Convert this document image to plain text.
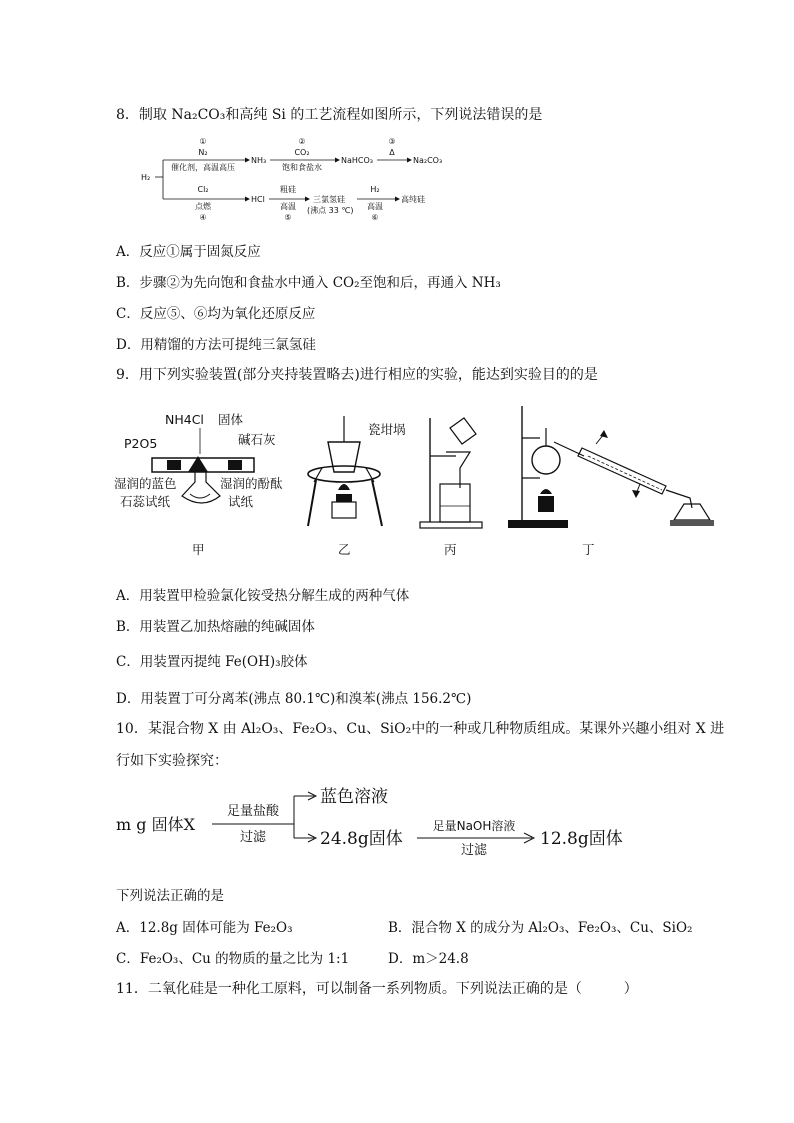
8．制取 Na₂CO₃和高纯 Si 的工艺流程如图所示，下列说法错误的是
H₂
①
N₂
催化剂，高温高压
NH₃
②
CO₂
饱和食盐水
NaHCO₃
③
Δ
Na₂CO₃
Cl₂
点燃
④
HCl
粗硅
高温
⑤
三氯氢硅
(沸点 33 ℃)
H₂
高温
⑥
高纯硅
A．反应①属于固氮反应
B．步骤②为先向饱和食盐水中通入 CO₂至饱和后，再通入 NH₃
C．反应⑤、⑥均为氧化还原反应
D．用精馏的方法可提纯三氯氢硅
9．用下列实验装置(部分夹持装置略去)进行相应的实验，能达到实验目的的是
NH4Cl 固体
P2O5	碱石灰
湿润的蓝色
石蕊试纸
湿润的酚酞
试纸
甲
瓷坩埚
乙	丙	丁
A．用装置甲检验氯化铵受热分解生成的两种气体
B．用装置乙加热熔融的纯碱固体
C．用装置丙提纯 Fe(OH)₃胶体
D．用装置丁可分离苯(沸点 80.1℃)和溴苯(沸点 156.2℃)
10．某混合物 X 由 Al₂O₃、Fe₂O₃、Cu、SiO₂中的一种或几种物质组成。某课外兴趣小组对 X 进
行如下实验探究：
m g 固体X
足量盐酸
过滤
蓝色溶液
24.8g固体
足量NaOH溶液
过滤
12.8g固体
下列说法正确的是
A．12.8g 固体可能为 Fe₂O₃	B．混合物 X 的成分为 Al₂O₃、Fe₂O₃、Cu、SiO₂
C．Fe₂O₃、Cu 的物质的量之比为 1:1	D．m＞24.8
11．二氧化硅是一种化工原料，可以制备一系列物质。下列说法正确的是（　　　）
